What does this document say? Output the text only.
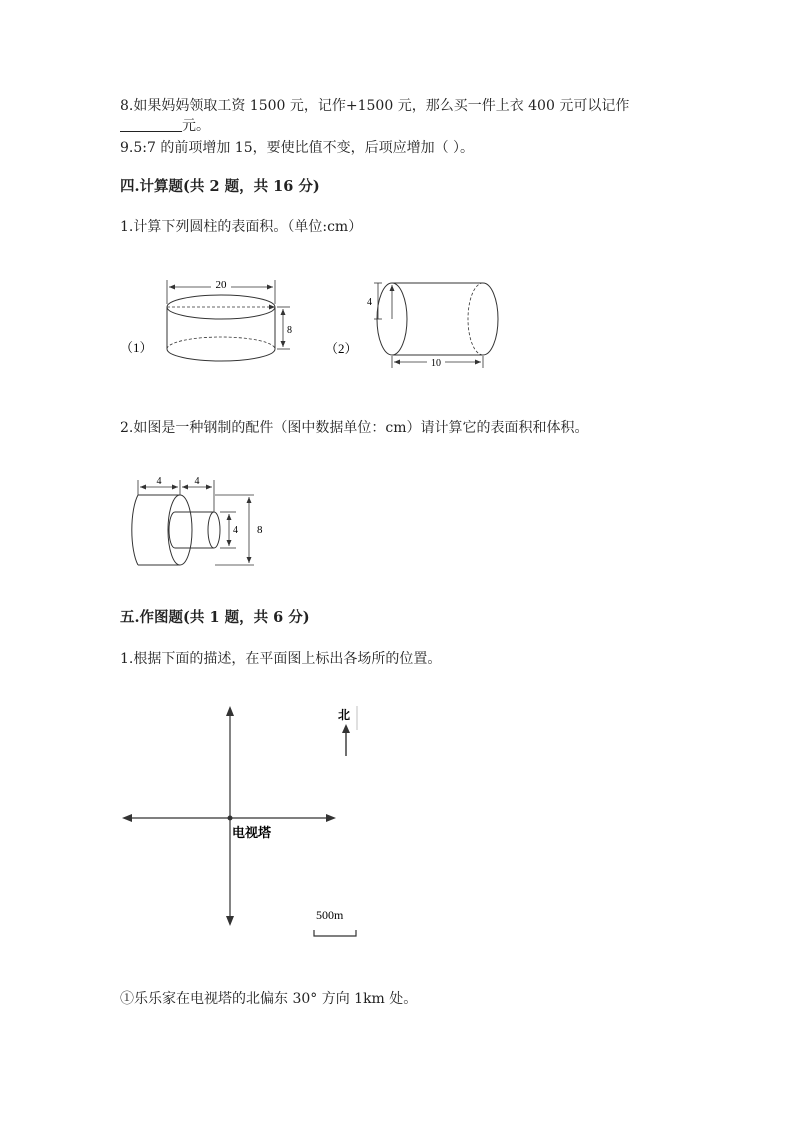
8.如果妈妈领取工资 1500 元，记作+1500 元，那么买一件上衣 400 元可以记作
元。
9.5:7 的前项增加 15，要使比值不变，后项应增加（ ）。
四.计算题(共 2 题，共 16 分)
1.计算下列圆柱的表面积。（单位:cm）
（1）
20
8
（2）
4
10
2.如图是一种钢制的配件（图中数据单位：cm）请计算它的表面积和体积。
4	4
4 8
五.作图题(共 1 题，共 6 分)
1.根据下面的描述，在平面图上标出各场所的位置。
电视塔
北
500m
①乐乐家在电视塔的北偏东 30° 方向 1km 处。
